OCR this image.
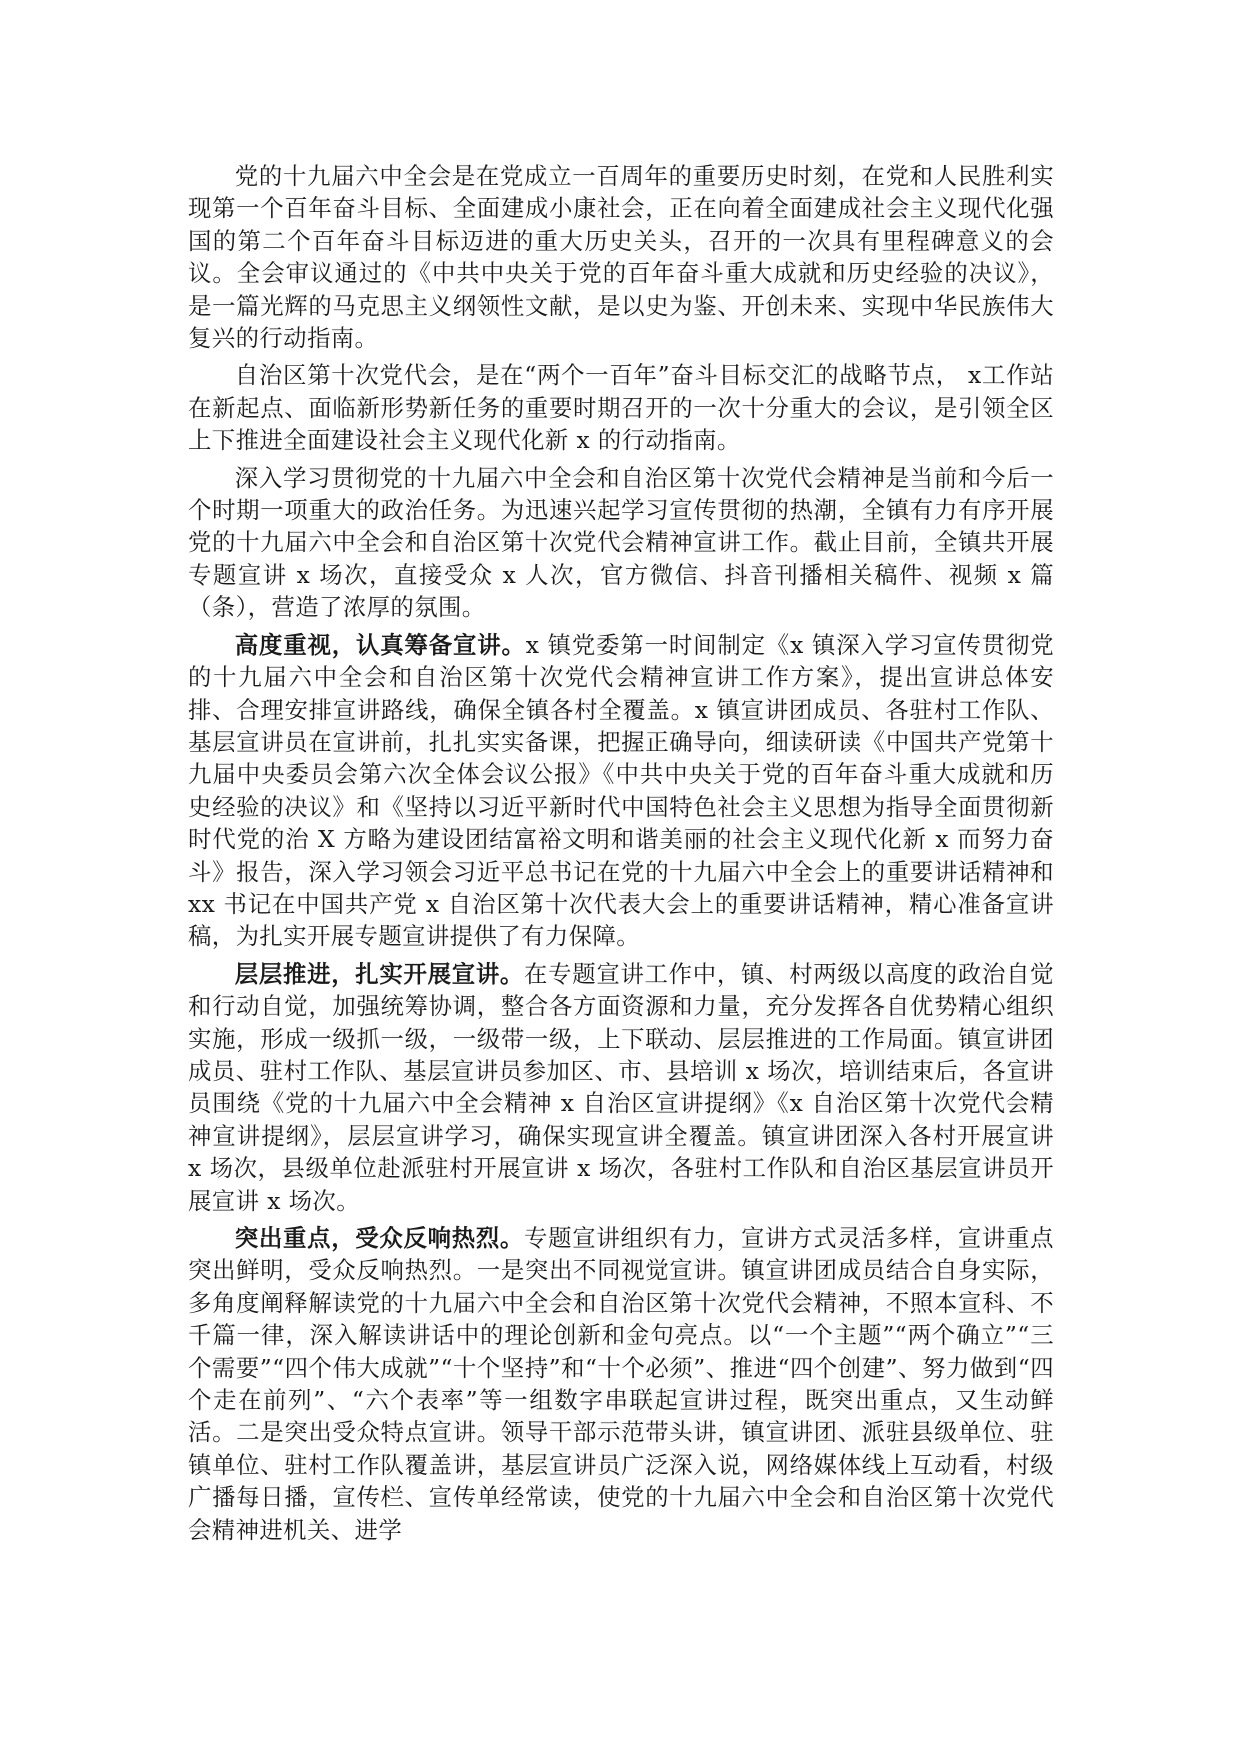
党的十九届六中全会是在党成立一百周年的重要历史时刻，在党和人民胜利实现第一个百年奋斗目标、全面建成小康社会，正在向着全面建成社会主义现代化强国的第二个百年奋斗目标迈进的重大历史关头，召开的一次具有里程碑意义的会议。全会审议通过的《中共中央关于党的百年奋斗重大成就和历史经验的决议》，是一篇光辉的马克思主义纲领性文献，是以史为鉴、开创未来、实现中华民族伟大复兴的行动指南。

自治区第十次党代会，是在“两个一百年”奋斗目标交汇的战略节点， x工作站在新起点、面临新形势新任务的重要时期召开的一次十分重大的会议，是引领全区上下推进全面建设社会主义现代化新 x 的行动指南。

深入学习贯彻党的十九届六中全会和自治区第十次党代会精神是当前和今后一个时期一项重大的政治任务。为迅速兴起学习宣传贯彻的热潮，全镇有力有序开展党的十九届六中全会和自治区第十次党代会精神宣讲工作。截止目前，全镇共开展专题宣讲 x 场次，直接受众 x 人次，官方微信、抖音刊播相关稿件、视频 x 篇（条），营造了浓厚的氛围。

高度重视，认真筹备宣讲。x 镇党委第一时间制定《x 镇深入学习宣传贯彻党的十九届六中全会和自治区第十次党代会精神宣讲工作方案》，提出宣讲总体安排、合理安排宣讲路线，确保全镇各村全覆盖。x 镇宣讲团成员、各驻村工作队、基层宣讲员在宣讲前，扎扎实实备课，把握正确导向，细读研读《中国共产党第十九届中央委员会第六次全体会议公报》《中共中央关于党的百年奋斗重大成就和历史经验的决议》和《坚持以习近平新时代中国特色社会主义思想为指导全面贯彻新时代党的治 X 方略为建设团结富裕文明和谐美丽的社会主义现代化新 x 而努力奋斗》报告，深入学习领会习近平总书记在党的十九届六中全会上的重要讲话精神和 xx 书记在中国共产党 x 自治区第十次代表大会上的重要讲话精神，精心准备宣讲稿，为扎实开展专题宣讲提供了有力保障。

层层推进，扎实开展宣讲。在专题宣讲工作中，镇、村两级以高度的政治自觉和行动自觉，加强统筹协调，整合各方面资源和力量，充分发挥各自优势精心组织实施，形成一级抓一级，一级带一级，上下联动、层层推进的工作局面。镇宣讲团成员、驻村工作队、基层宣讲员参加区、市、县培训 x 场次，培训结束后，各宣讲员围绕《党的十九届六中全会精神 x 自治区宣讲提纲》《x 自治区第十次党代会精神宣讲提纲》，层层宣讲学习，确保实现宣讲全覆盖。镇宣讲团深入各村开展宣讲 x 场次，县级单位赴派驻村开展宣讲 x 场次，各驻村工作队和自治区基层宣讲员开展宣讲 x 场次。

突出重点，受众反响热烈。专题宣讲组织有力，宣讲方式灵活多样，宣讲重点突出鲜明，受众反响热烈。一是突出不同视觉宣讲。镇宣讲团成员结合自身实际，多角度阐释解读党的十九届六中全会和自治区第十次党代会精神，不照本宣科、不千篇一律，深入解读讲话中的理论创新和金句亮点。以“一个主题”“两个确立”“三个需要”“四个伟大成就”“十个坚持”和“十个必须”、推进“四个创建”、努力做到“四个走在前列”、“六个表率”等一组数字串联起宣讲过程，既突出重点，又生动鲜活。二是突出受众特点宣讲。领导干部示范带头讲，镇宣讲团、派驻县级单位、驻镇单位、驻村工作队覆盖讲，基层宣讲员广泛深入说，网络媒体线上互动看，村级广播每日播，宣传栏、宣传单经常读，使党的十九届六中全会和自治区第十次党代会精神进机关、进学
